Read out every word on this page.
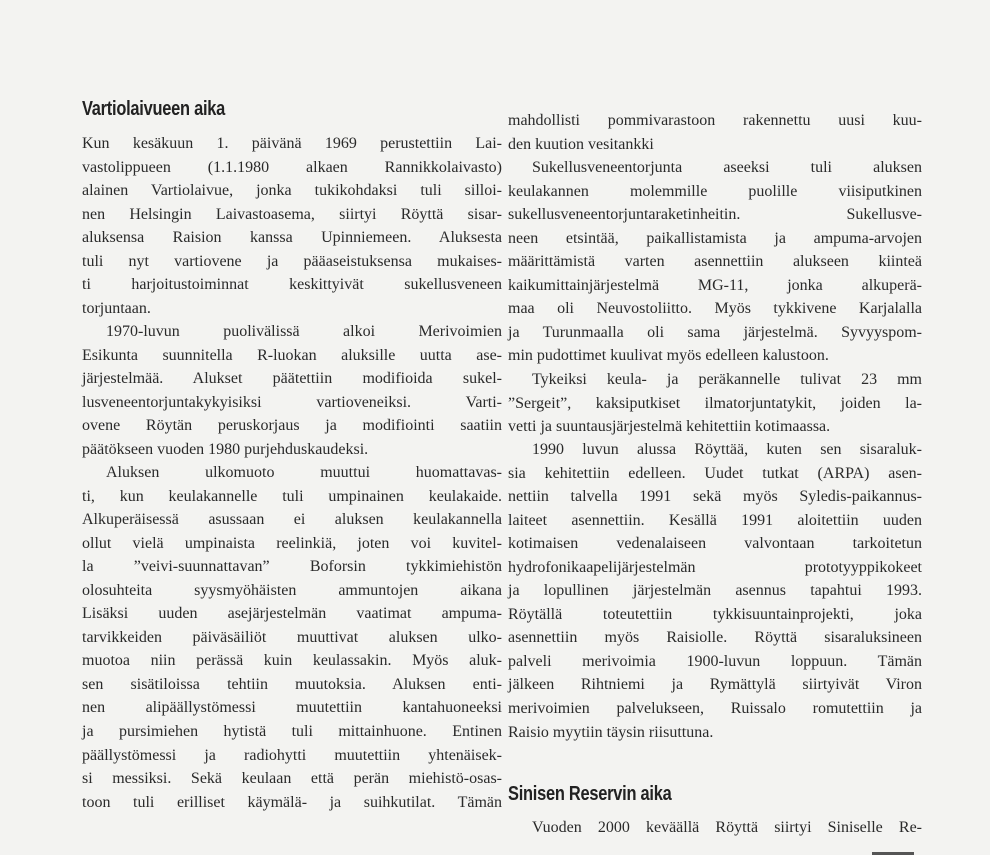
Vartiolaivueen aika
Kun kesäkuun 1. päivänä 1969 perustettiin Lai-
vastolippueen (1.1.1980 alkaen Rannikkolaivasto)
alainen Vartiolaivue, jonka tukikohdaksi tuli silloi-
nen Helsingin Laivastoasema, siirtyi Röyttä sisar-
aluksensa Raision kanssa Upinniemeen. Aluksesta
tuli nyt vartiovene ja pääaseistuksensa mukaises-
ti harjoitustoiminnat keskittyivät sukellusveneen
torjuntaan.
1970-luvun puolivälissä alkoi Merivoimien
Esikunta suunnitella R-luokan aluksille uutta ase-
järjestelmää. Alukset päätettiin modifioida sukel-
lusveneentorjuntakykyisiksi vartioveneiksi. Varti-
ovene Röytän peruskorjaus ja modifiointi saatiin
päätökseen vuoden 1980 purjehduskaudeksi.
Aluksen ulkomuoto muuttui huomattavas-
ti, kun keulakannelle tuli umpinainen keulakaide.
Alkuperäisessä asussaan ei aluksen keulakannella
ollut vielä umpinaista reelinkiä, joten voi kuvitel-
la ”veivi-suunnattavan” Boforsin tykkimiehistön
olosuhteita syysmyöhäisten ammuntojen aikana
Lisäksi uuden asejärjestelmän vaatimat ampuma-
tarvikkeiden päiväsäiliöt muuttivat aluksen ulko-
muotoa niin perässä kuin keulassakin. Myös aluk-
sen sisätiloissa tehtiin muutoksia. Aluksen enti-
nen alipäällystömessi muutettiin kantahuoneeksi
ja pursimiehen hytistä tuli mittainhuone. Entinen
päällystömessi ja radiohytti muutettiin yhtenäisek-
si messiksi. Sekä keulaan että perän miehistö-osas-
toon tuli erilliset käymälä- ja suihkutilat. Tämän
mahdollisti pommivarastoon rakennettu uusi kuu-
den kuution vesitankki
Sukellusveneentorjunta aseeksi tuli aluksen
keulakannen molemmille puolille viisiputkinen
sukellusveneentorjuntaraketinheitin. Sukellusve-
neen etsintää, paikallistamista ja ampuma-arvojen
määrittämistä varten asennettiin alukseen kiinteä
kaikumittainjärjestelmä MG-11, jonka alkuperä-
maa oli Neuvostoliitto. Myös tykkivene Karjalalla
ja Turunmaalla oli sama järjestelmä. Syvyyspom-
min pudottimet kuulivat myös edelleen kalustoon.
Tykeiksi keula- ja peräkannelle tulivat 23 mm
”Sergeit”, kaksiputkiset ilmatorjuntatykit, joiden la-
vetti ja suuntausjärjestelmä kehitettiin kotimaassa.
1990 luvun alussa Röyttää, kuten sen sisaraluk-
sia kehitettiin edelleen. Uudet tutkat (ARPA) asen-
nettiin talvella 1991 sekä myös Syledis-paikannus-
laiteet asennettiin. Kesällä 1991 aloitettiin uuden
kotimaisen vedenalaiseen valvontaan tarkoitetun
hydrofonikaapelijärjestelmän prototyyppikokeet
ja lopullinen järjestelmän asennus tapahtui 1993.
Röytällä toteutettiin tykkisuuntainprojekti, joka
asennettiin myös Raisiolle. Röyttä sisaraluksineen
palveli merivoimia 1900-luvun loppuun. Tämän
jälkeen Rihtniemi ja Rymättylä siirtyivät Viron
merivoimien palvelukseen, Ruissalo romutettiin ja
Raisio myytiin täysin riisuttuna.
Sinisen Reservin aika
Vuoden 2000 keväällä Röyttä siirtyi Siniselle Re-
